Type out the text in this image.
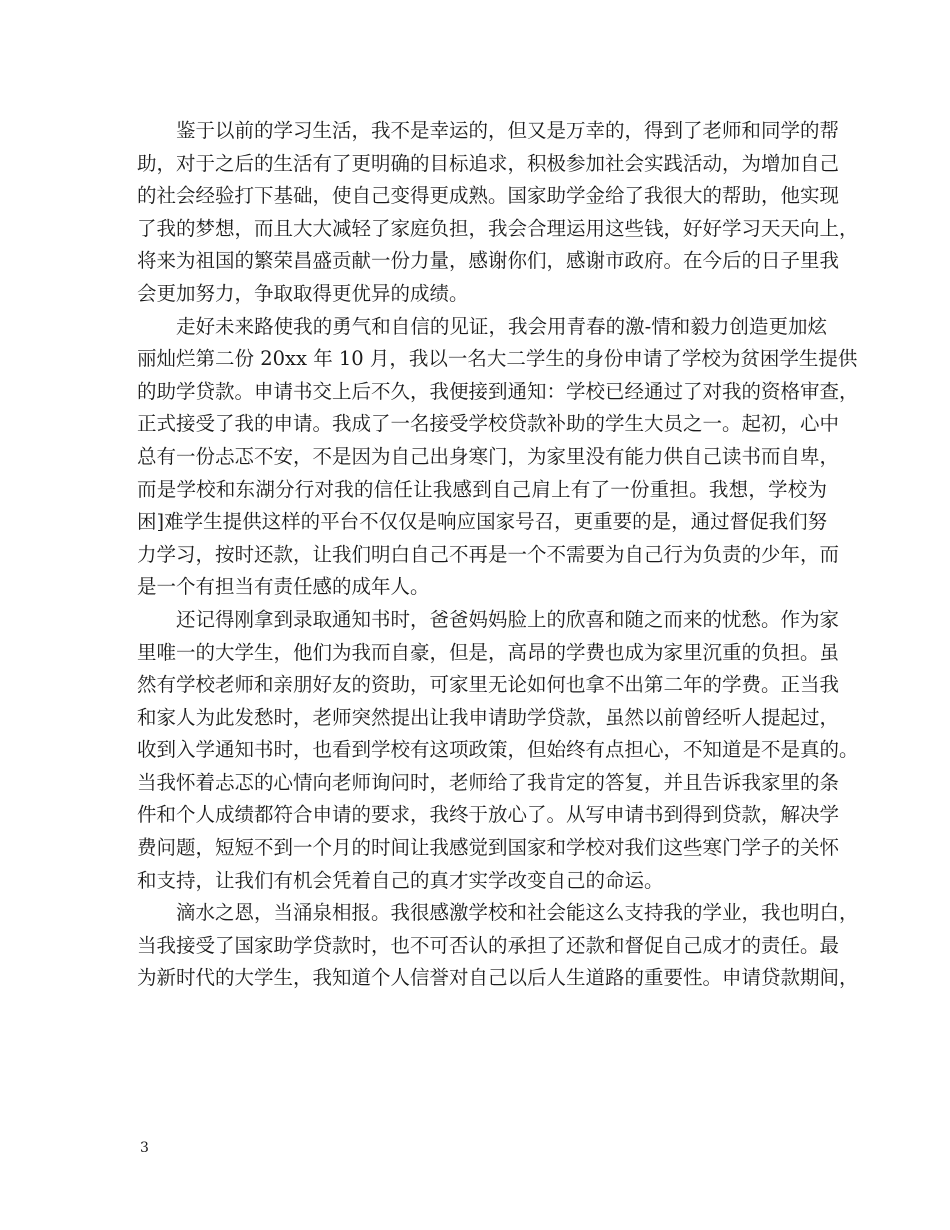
鉴于以前的学习生活，我不是幸运的，但又是万幸的，得到了老师和同学的帮
助，对于之后的生活有了更明确的目标追求，积极参加社会实践活动，为增加自己
的社会经验打下基础，使自己变得更成熟。国家助学金给了我很大的帮助，他实现
了我的梦想，而且大大减轻了家庭负担，我会合理运用这些钱，好好学习天天向上，
将来为祖国的繁荣昌盛贡献一份力量，感谢你们，感谢市政府。在今后的日子里我
会更加努力，争取取得更优异的成绩。
走好未来路使我的勇气和自信的见证，我会用青春的激-情和毅力创造更加炫
丽灿烂第二份 20xx 年 10 月，我以一名大二学生的身份申请了学校为贫困学生提供
的助学贷款。申请书交上后不久，我便接到通知：学校已经通过了对我的资格审查，
正式接受了我的申请。我成了一名接受学校贷款补助的学生大员之一。起初，心中
总有一份忐忑不安，不是因为自己出身寒门，为家里没有能力供自己读书而自卑，
而是学校和东湖分行对我的信任让我感到自己肩上有了一份重担。我想，学校为
困]难学生提供这样的平台不仅仅是响应国家号召，更重要的是，通过督促我们努
力学习，按时还款，让我们明白自己不再是一个不需要为自己行为负责的少年，而
是一个有担当有责任感的成年人。
还记得刚拿到录取通知书时，爸爸妈妈脸上的欣喜和随之而来的忧愁。作为家
里唯一的大学生，他们为我而自豪，但是，高昂的学费也成为家里沉重的负担。虽
然有学校老师和亲朋好友的资助，可家里无论如何也拿不出第二年的学费。正当我
和家人为此发愁时，老师突然提出让我申请助学贷款，虽然以前曾经听人提起过，
收到入学通知书时，也看到学校有这项政策，但始终有点担心，不知道是不是真的。
当我怀着忐忑的心情向老师询问时，老师给了我肯定的答复，并且告诉我家里的条
件和个人成绩都符合申请的要求，我终于放心了。从写申请书到得到贷款，解决学
费问题，短短不到一个月的时间让我感觉到国家和学校对我们这些寒门学子的关怀
和支持，让我们有机会凭着自己的真才实学改变自己的命运。
滴水之恩，当涌泉相报。我很感激学校和社会能这么支持我的学业，我也明白，
当我接受了国家助学贷款时，也不可否认的承担了还款和督促自己成才的责任。最
为新时代的大学生，我知道个人信誉对自己以后人生道路的重要性。申请贷款期间，
3
